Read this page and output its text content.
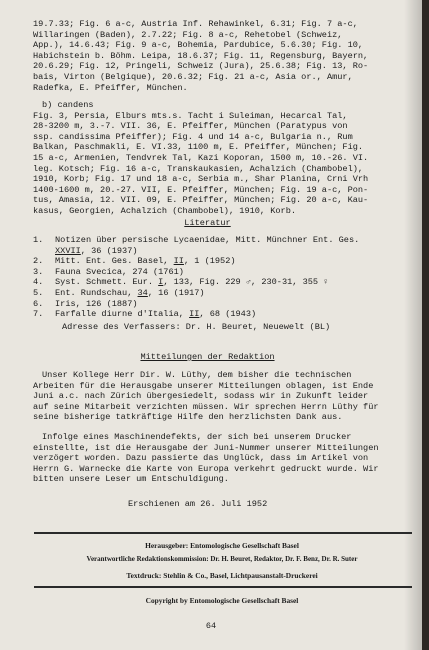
19.7.33; Fig. 6 a-c, Austria Inf. Rehawinkel, 6.31; Fig. 7 a-c,
Willaringen (Baden), 2.7.22; Fig. 8 a-c, Rehetobel (Schweiz,
App.), 14.6.43; Fig. 9 a-c, Bohemia, Pardubice, 5.6.30; Fig. 10,
Habichstein b. Böhm. Leipa, 18.6.37; Fig. 11, Regensburg, Bayern,
20.6.29; Fig. 12, Pringeli, Schweiz (Jura), 25.6.38; Fig. 13, Ro-
bais, Virton (Belgique), 20.6.32; Fig. 21 a-c, Asia or., Amur,
Radefka, E. Pfeiffer, München.
b) candens
Fig. 3, Persia, Elburs mts.s. Tacht i Suleiman, Hecarcal Tal,
28-3200 m, 3.-7. VII. 36, E. Pfeiffer, München (Paratypus von
ssp. candissima Pfeiffer); Fig. 4 und 14 a-c, Bulgaria n., Rum
Balkan, Paschmakli, E. VI.33, 1100 m, E. Pfeiffer, München; Fig.
15 a-c, Armenien, Tendvrek Tal, Kazi Koporan, 1500 m, 10.-26. VI.
leg. Kotsch; Fig. 16 a-c, Transkaukasien, Achalzich (Chambobel),
1910, Korb; Fig. 17 und 18 a-c, Serbia m., Shar Planina, Crni Vrh
1400-1600 m, 20.-27. VII, E. Pfeiffer, München; Fig. 19 a-c, Pon-
tus, Amasia, 12. VII. 09, E. Pfeiffer, München; Fig. 20 a-c, Kau-
kasus, Georgien, Achalzich (Chambobel), 1910, Korb.
Literatur
1. Notizen über persische Lycaenidae, Mitt. Münchner Ent. Ges.
XXVII, 36 (1937)
2. Mitt. Ent. Ges. Basel, II, 1 (1952)
3. Fauna Svecica, 274 (1761)
4. Syst. Schmett. Eur. I, 133, Fig. 229 ♂, 230-31, 355 ♀
5. Ent. Rundschau, 34, 16 (1917)
6. Iris, 126 (1887)
7. Farfalle diurne d'Italia, II, 68 (1943)
Adresse des Verfassers: Dr. H. Beuret, Neuewelt (BL)
Mitteilungen der Redaktion
Unser Kollege Herr Dir. W. Lüthy, dem bisher die technischen
Arbeiten für die Herausgabe unserer Mitteilungen oblagen, ist Ende
Juni a.c. nach Zürich übergesiedelt, sodass wir in Zukunft leider
auf seine Mitarbeit verzichten müssen. Wir sprechen Herrn Lüthy für
seine bisherige tatkräftige Hilfe den herzlichsten Dank aus.
Infolge eines Maschinendefekts, der sich bei unserem Drucker
einstellte, ist die Herausgabe der Juni-Nummer unserer Mitteilungen
verzögert worden. Dazu passierte das Unglück, dass im Artikel von
Herrn G. Warnecke die Karte von Europa verkehrt gedruckt wurde. Wir
bitten unsere Leser um Entschuldigung.
Erschienen am 26. Juli 1952
Herausgeber: Entomologische Gesellschaft Basel
Verantwortliche Redaktionskommission: Dr. H. Beuret, Redaktor, Dr. F. Benz, Dr. R. Suter
Textdruck: Stehlin & Co., Basel, Lichtpausanstalt-Druckerei
Copyright by Entomologische Gesellschaft Basel
64
